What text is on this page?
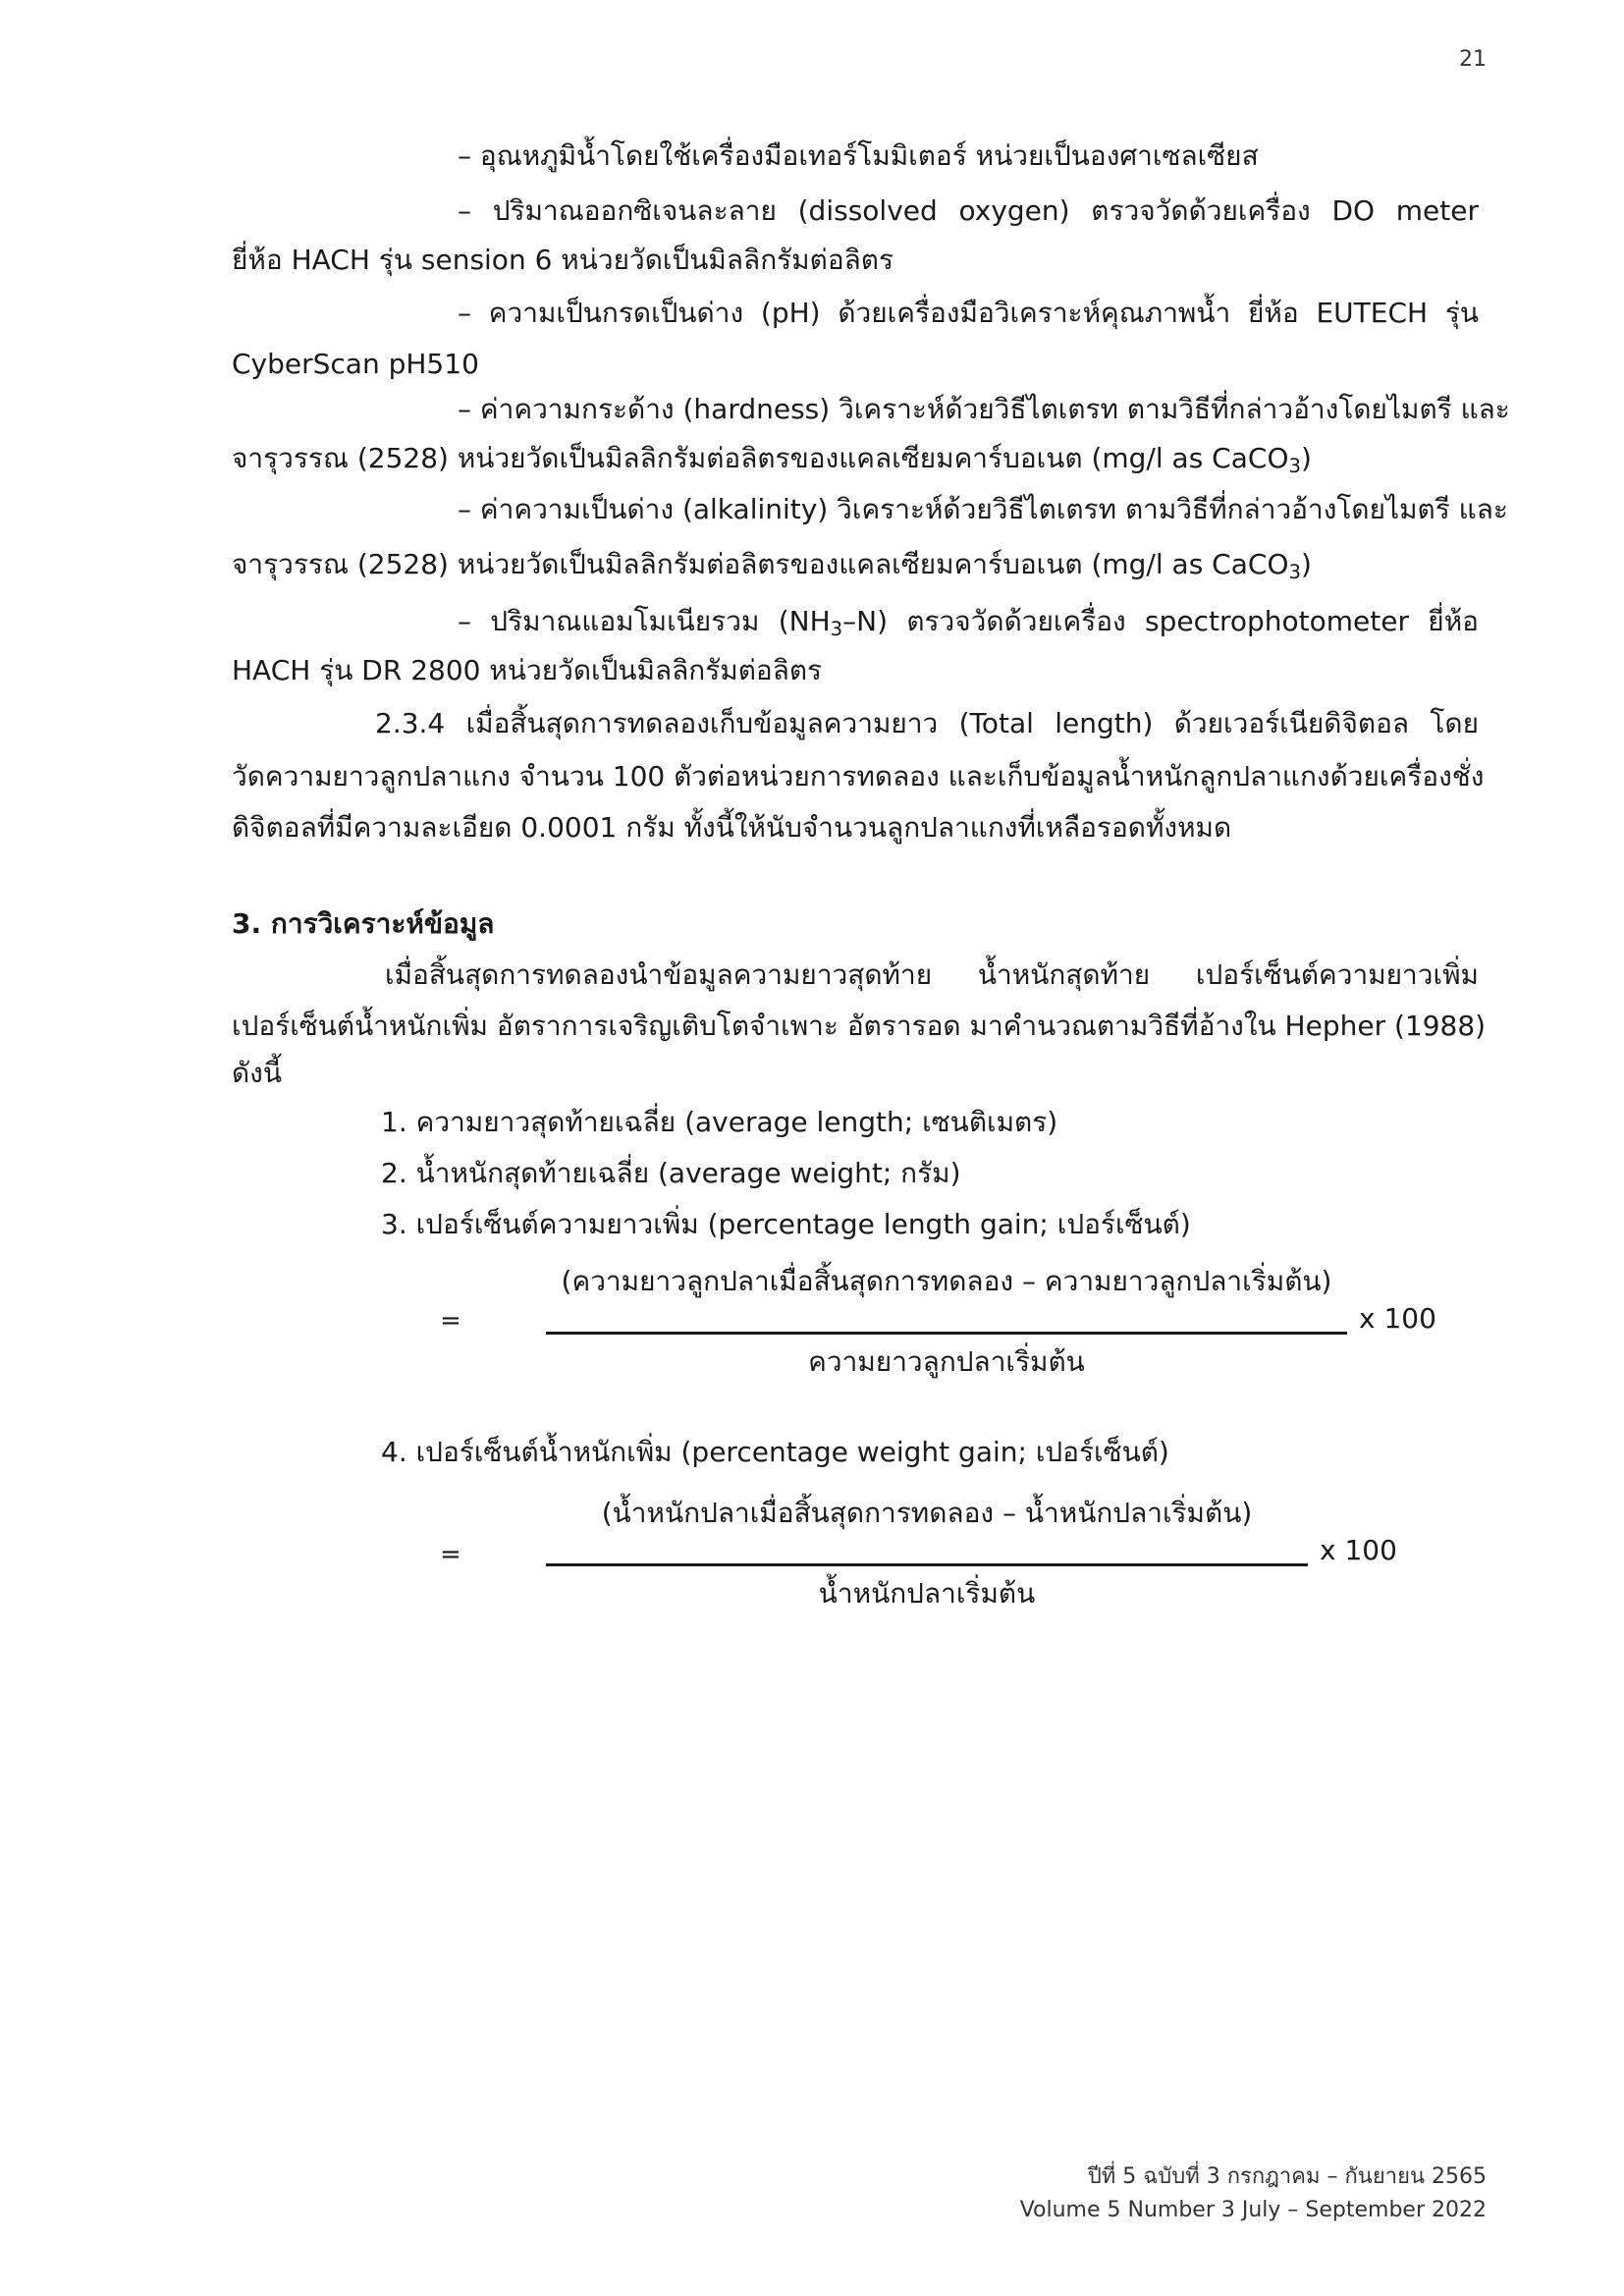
21
– อุณหภูมิน้ำโดยใช้เครื่องมือเทอร์โมมิเตอร์ หน่วยเป็นองศาเซลเซียส
– ปริมาณออกซิเจนละลาย (dissolved oxygen) ตรวจวัดด้วยเครื่อง DO meter
ยี่ห้อ HACH รุ่น sension 6 หน่วยวัดเป็นมิลลิกรัมต่อลิตร
– ความเป็นกรดเป็นด่าง (pH) ด้วยเครื่องมือวิเคราะห์คุณภาพน้ำ ยี่ห้อ EUTECH รุ่น
CyberScan pH510
– ค่าความกระด้าง (hardness) วิเคราะห์ด้วยวิธีไตเตรท ตามวิธีที่กล่าวอ้างโดยไมตรี และ
จารุวรรณ (2528) หน่วยวัดเป็นมิลลิกรัมต่อลิตรของแคลเซียมคาร์บอเนต (mg/l as CaCO$_3$)
– ค่าความเป็นด่าง (alkalinity) วิเคราะห์ด้วยวิธีไตเตรท ตามวิธีที่กล่าวอ้างโดยไมตรี และ
จารุวรรณ (2528) หน่วยวัดเป็นมิลลิกรัมต่อลิตรของแคลเซียมคาร์บอเนต (mg/l as CaCO$_3$)
– ปริมาณแอมโมเนียรวม $(NH_3-N)$ ตรวจวัดด้วยเครื่อง spectrophotometer ยี่ห้อ
HACH รุ่น DR 2800 หน่วยวัดเป็นมิลลิกรัมต่อลิตร
2.3.4 เมื่อสิ้นสุดการทดลองเก็บข้อมูลความยาว (Total length) ด้วยเวอร์เนียดิจิตอล โดย
วัดความยาวลูกปลาแกง จำนวน 100 ตัวต่อหน่วยการทดลอง และเก็บข้อมูลน้ำหนักลูกปลาแกงด้วยเครื่องชั่ง
ดิจิตอลที่มีความละเอียด 0.0001 กรัม ทั้งนี้ให้นับจำนวนลูกปลาแกงที่เหลือรอดทั้งหมด
3. การวิเคราะห์ข้อมูล
เมื่อสิ้นสุดการทดลองนำข้อมูลความยาวสุดท้าย น้ำหนักสุดท้าย เปอร์เซ็นต์ความยาวเพิ่ม
เปอร์เซ็นต์น้ำหนักเพิ่ม อัตราการเจริญเติบโตจำเพาะ อัตรารอด มาคำนวณตามวิธีที่อ้างใน Hepher (1988)
ดังนี้
1. ความยาวสุดท้ายเฉลี่ย (average length; เซนติเมตร)
2. น้ำหนักสุดท้ายเฉลี่ย (average weight; กรัม)
3. เปอร์เซ็นต์ความยาวเพิ่ม (percentage length gain; เปอร์เซ็นต์)
=
(ความยาวลูกปลาเมื่อสิ้นสุดการทดลอง – ความยาวลูกปลาเริ่มต้น)
x 100
ความยาวลูกปลาเริ่มต้น
4. เปอร์เซ็นต์น้ำหนักเพิ่ม (percentage weight gain; เปอร์เซ็นต์)
=
(น้ำหนักปลาเมื่อสิ้นสุดการทดลอง – น้ำหนักปลาเริ่มต้น)
x 100
น้ำหนักปลาเริ่มต้น
ปีที่ 5 ฉบับที่ 3 กรกฎาคม – กันยายน 2565
Volume 5 Number 3 July – September 2022
